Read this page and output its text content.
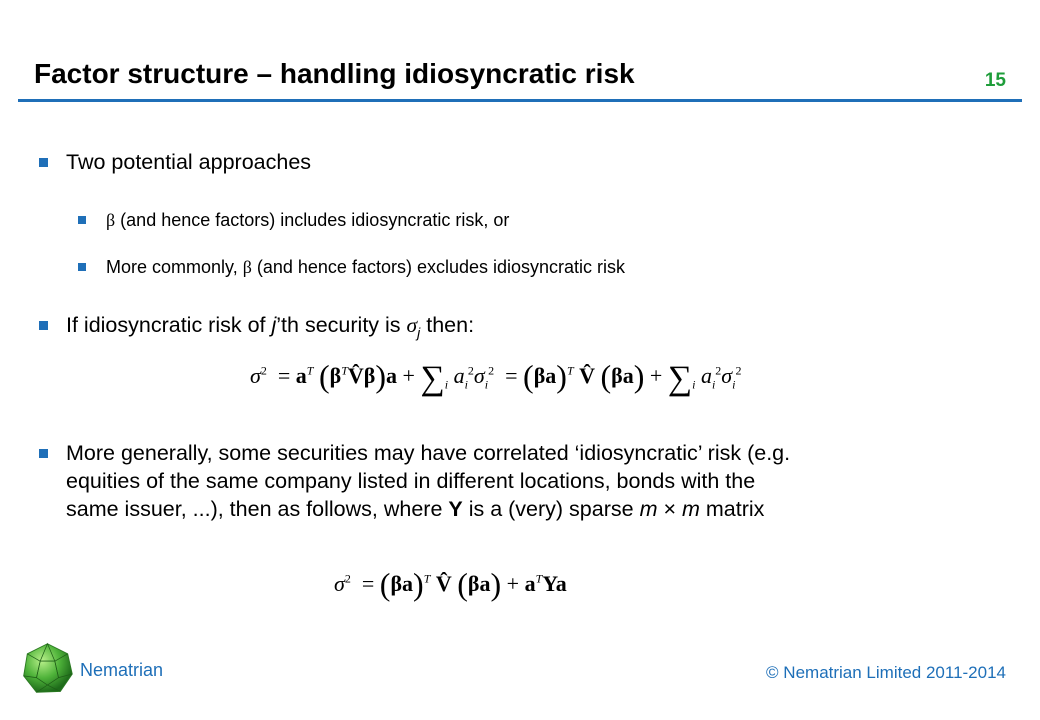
Factor structure – handling idiosyncratic risk	15
Two potential approaches
β (and hence factors) includes idiosyncratic risk, or
More commonly, β (and hence factors) excludes idiosyncratic risk
If idiosyncratic risk of j’th security is $\sigma_j$ then:
$\sigma^2 = a^T$ $(\beta^TV̂\beta)a + \sum_i$ $a_i^2\sigma_i^2 = (\beta a)^T$ V̂ $(\beta a) + \sum_i$ $a_i^2\sigma_i^2$
More generally, some securities may have correlated ‘idiosyncratic’ risk (e.g.
equities of the same company listed in different locations, bonds with the
same issuer, ...), then as follows, where Y is a (very) sparse m × m matrix
$\sigma^2 = (\beta a)^T$ V̂ $(\beta a) + a^TYa$
Nematrian	© Nematrian Limited 2011-2014
